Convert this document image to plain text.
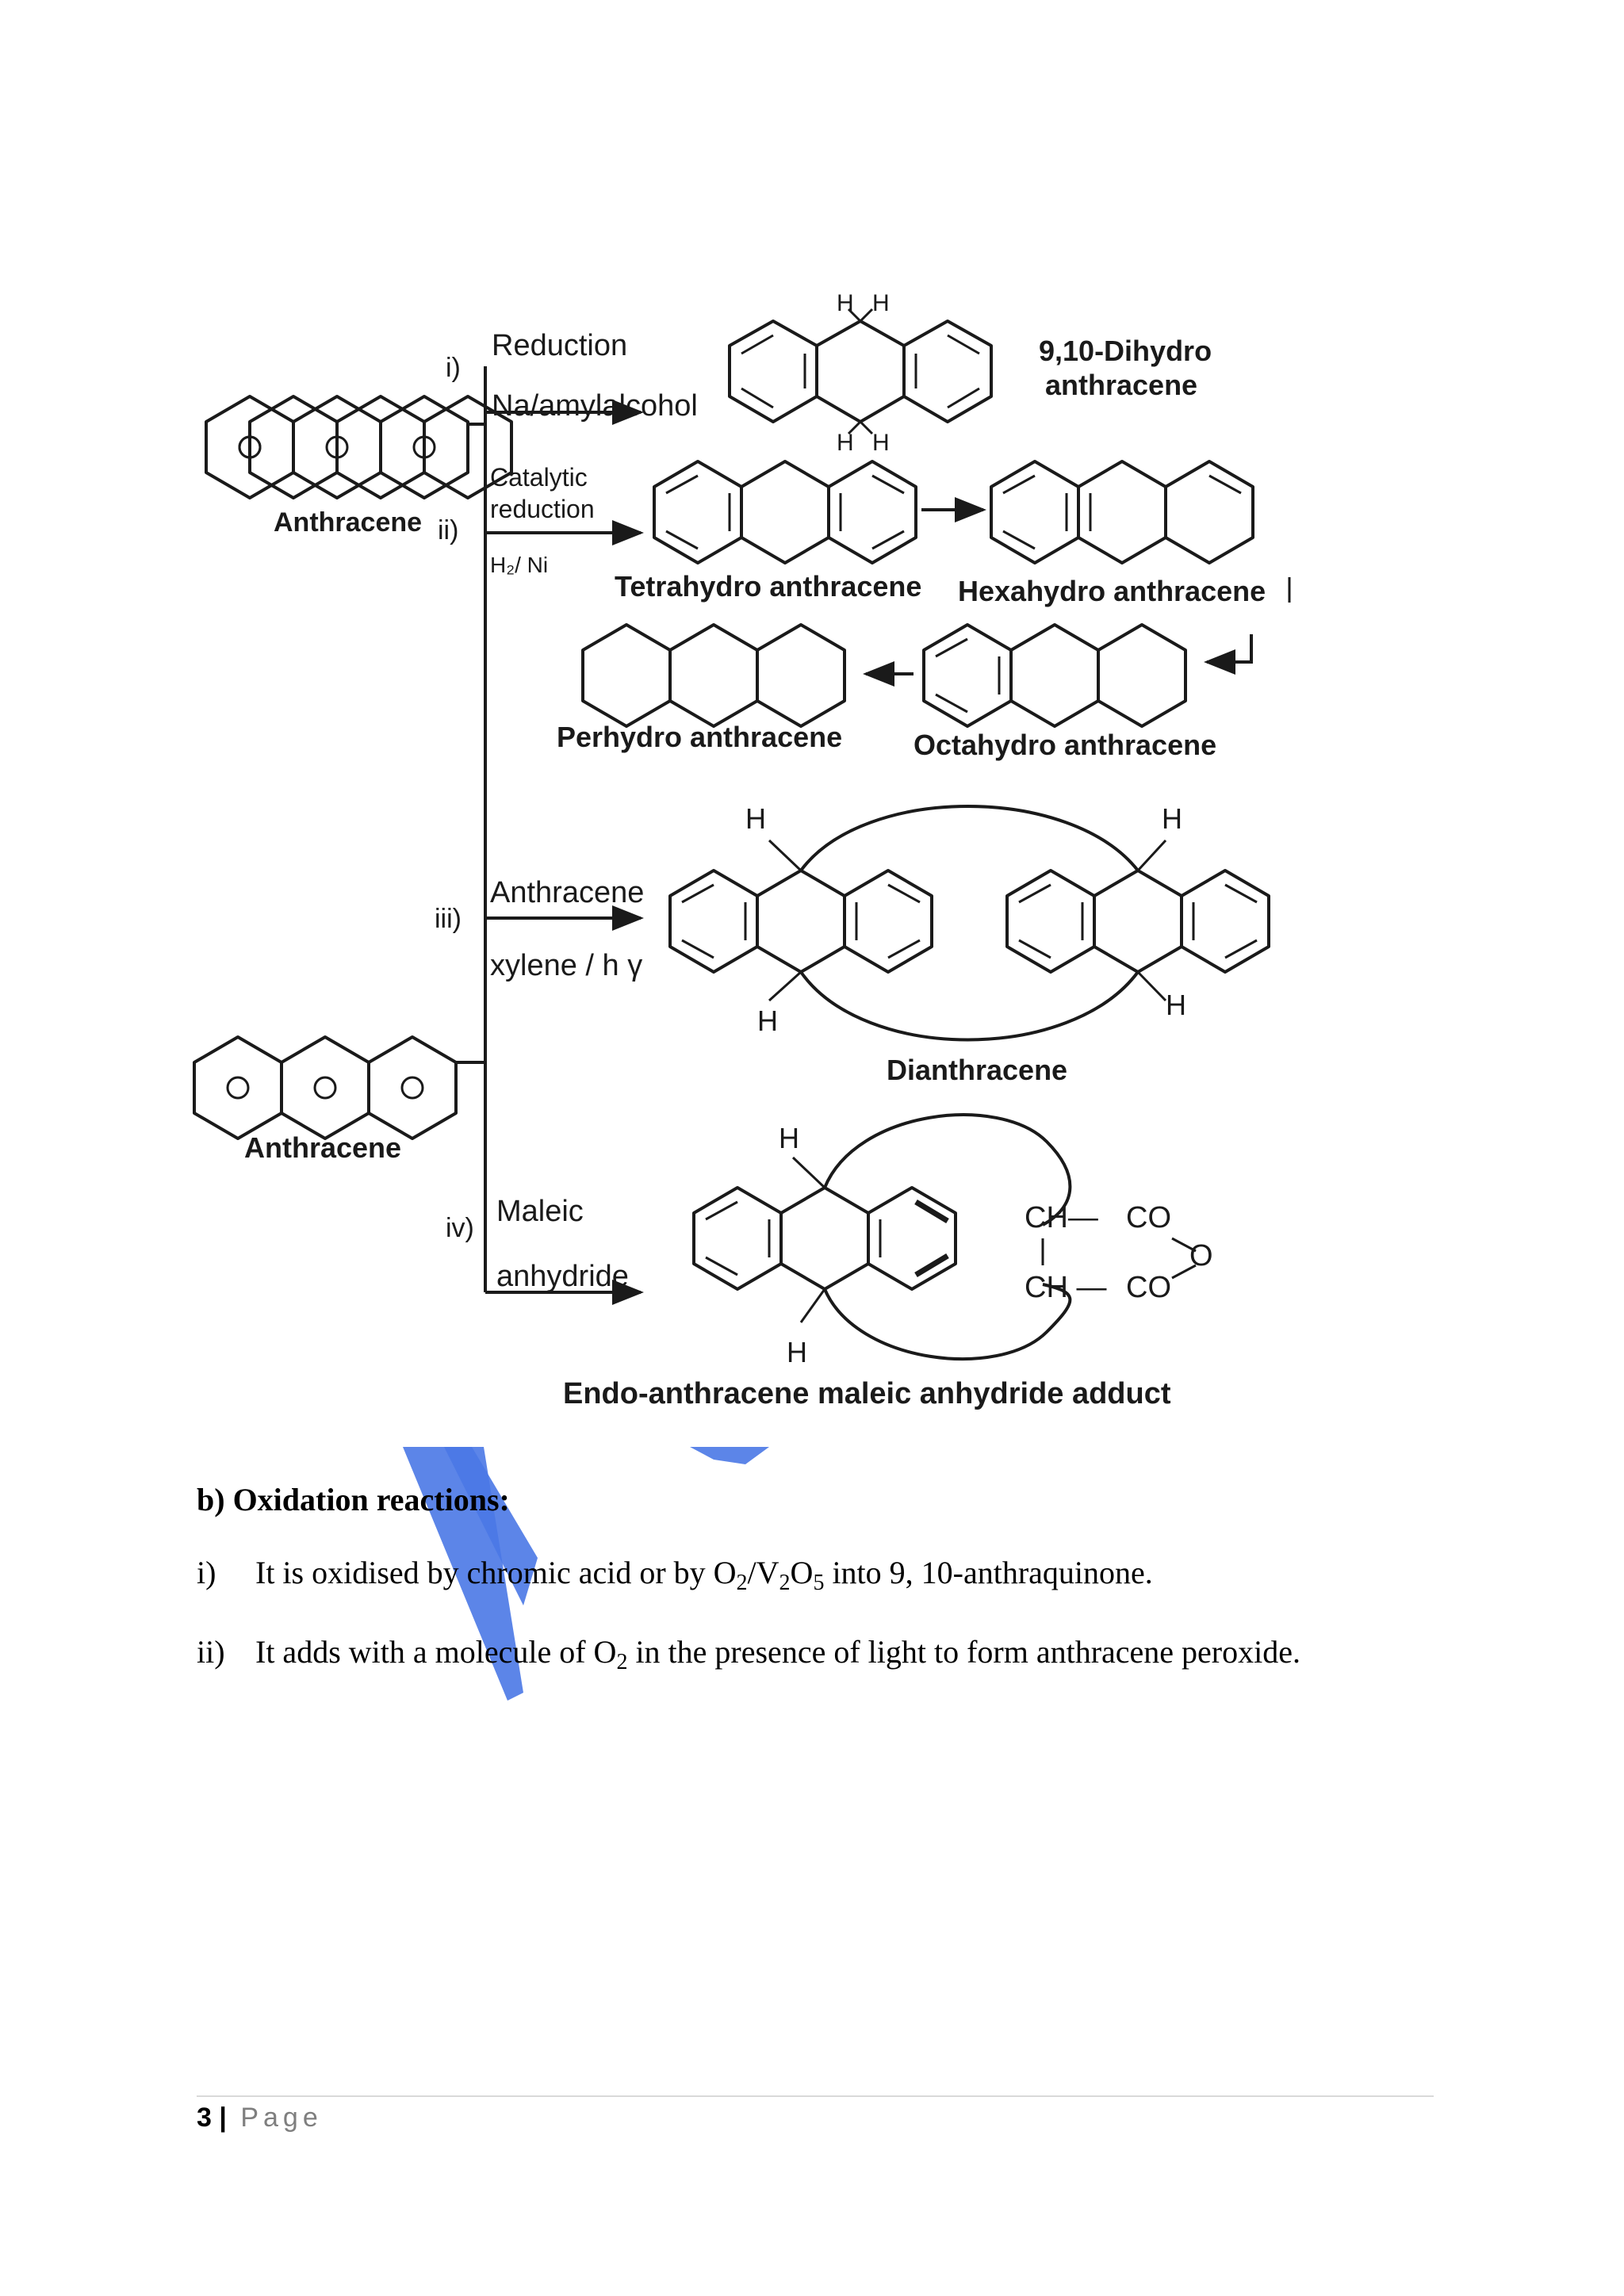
Anthracene
i)
Reduction
Na/amylalcohol
H H
H H
9,10-Dihydro
anthracene
ii)
Catalytic
reduction
H₂/ Ni
Tetrahydro anthracene Hexahydro anthracene
Perhydro anthracene Octahydro anthracene
Anthracene
iii)
Anthracene
xylene / h γ
H
H
H
H
Dianthracene
iv) Maleic
anhydride
H
H
CH— CO
O
CH — CO
Endo-anthracene maleic anhydride adduct
b) Oxidation reactions:
i)	It is oxidised by chromic acid or by $O_2/V_2O_5$ into 9, 10-anthraquinone.
ii) It adds with a molecule of $O_2$ in the presence of light to form anthracene peroxide.
3 | Page
